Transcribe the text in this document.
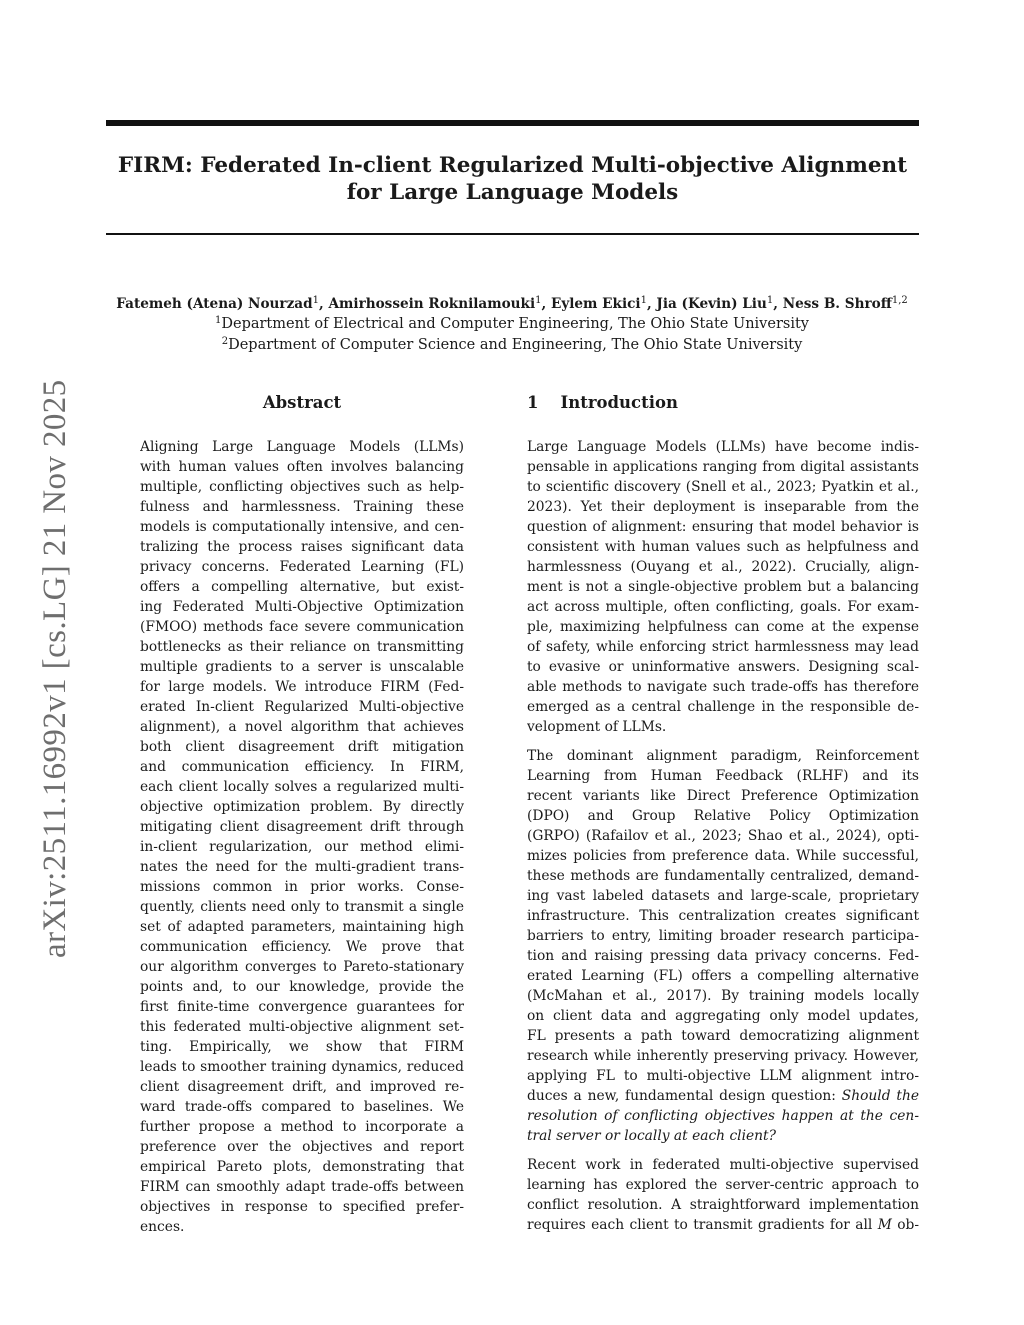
arXiv:2511.16992v1 [cs.LG] 21 Nov 2025
FIRM: Federated In-client Regularized Multi-objective Alignment
for Large Language Models
Fatemeh (Atena) Nourzad$^1$, Amirhossein Roknilamouki$^1$, Eylem Ekici$^1$, Jia (Kevin) Liu$^1$, Ness B. Shroff$^{1,2}$
$^1$Department of Electrical and Computer Engineering, The Ohio State University
$^2$Department of Computer Science and Engineering, The Ohio State University
Abstract
Aligning Large Language Models (LLMs)
with human values often involves balancing
multiple, conflicting objectives such as help-
fulness and harmlessness. Training these
models is computationally intensive, and cen-
tralizing the process raises significant data
privacy concerns. Federated Learning (FL)
offers a compelling alternative, but exist-
ing Federated Multi-Objective Optimization
(FMOO) methods face severe communication
bottlenecks as their reliance on transmitting
multiple gradients to a server is unscalable
for large models. We introduce FIRM (Fed-
erated In-client Regularized Multi-objective
alignment), a novel algorithm that achieves
both client disagreement drift mitigation
and communication efficiency. In FIRM,
each client locally solves a regularized multi-
objective optimization problem. By directly
mitigating client disagreement drift through
in-client regularization, our method elimi-
nates the need for the multi-gradient trans-
missions common in prior works. Conse-
quently, clients need only to transmit a single
set of adapted parameters, maintaining high
communication efficiency. We prove that
our algorithm converges to Pareto-stationary
points and, to our knowledge, provide the
first finite-time convergence guarantees for
this federated multi-objective alignment set-
ting. Empirically, we show that FIRM
leads to smoother training dynamics, reduced
client disagreement drift, and improved re-
ward trade-offs compared to baselines. We
further propose a method to incorporate a
preference over the objectives and report
empirical Pareto plots, demonstrating that
FIRM can smoothly adapt trade-offs between
objectives in response to specified prefer-
ences.
1 Introduction
Large Language Models (LLMs) have become indis-
pensable in applications ranging from digital assistants
to scientific discovery (Snell et al., 2023; Pyatkin et al.,
2023). Yet their deployment is inseparable from the
question of alignment: ensuring that model behavior is
consistent with human values such as helpfulness and
harmlessness (Ouyang et al., 2022). Crucially, align-
ment is not a single-objective problem but a balancing
act across multiple, often conflicting, goals. For exam-
ple, maximizing helpfulness can come at the expense
of safety, while enforcing strict harmlessness may lead
to evasive or uninformative answers. Designing scal-
able methods to navigate such trade-offs has therefore
emerged as a central challenge in the responsible de-
velopment of LLMs.
The dominant alignment paradigm, Reinforcement
Learning from Human Feedback (RLHF) and its
recent variants like Direct Preference Optimization
(DPO) and Group Relative Policy Optimization
(GRPO) (Rafailov et al., 2023; Shao et al., 2024), opti-
mizes policies from preference data. While successful,
these methods are fundamentally centralized, demand-
ing vast labeled datasets and large-scale, proprietary
infrastructure. This centralization creates significant
barriers to entry, limiting broader research participa-
tion and raising pressing data privacy concerns. Fed-
erated Learning (FL) offers a compelling alternative
(McMahan et al., 2017). By training models locally
on client data and aggregating only model updates,
FL presents a path toward democratizing alignment
research while inherently preserving privacy. However,
applying FL to multi-objective LLM alignment intro-
duces a new, fundamental design question: Should the
resolution of conflicting objectives happen at the cen-
tral server or locally at each client?
Recent work in federated multi-objective supervised
learning has explored the server-centric approach to
conflict resolution. A straightforward implementation
requires each client to transmit gradients for all M ob-
